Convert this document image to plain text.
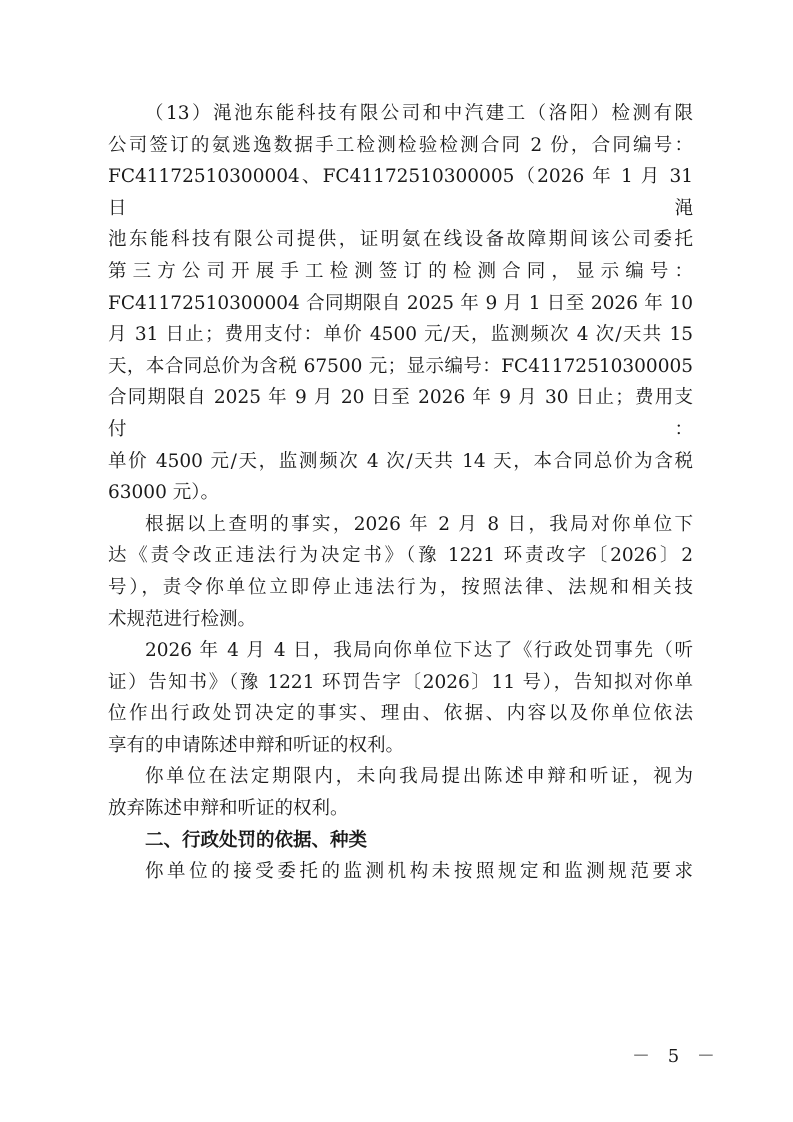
（13）渑池东能科技有限公司和中汽建工（洛阳）检测有限

公司签订的氨逃逸数据手工检测检验检测合同 2 份，合同编号：

FC41172510300004、FC41172510300005（2026 年 1 月 31 日渑

池东能科技有限公司提供，证明氨在线设备故障期间该公司委托

第三方公司开展手工检测签订的检测合同，显示编号：

FC41172510300004 合同期限自 2025 年 9 月 1 日至 2026 年 10

月 31 日止；费用支付：单价 4500 元/天，监测频次 4 次/天共 15

天，本合同总价为含税 67500 元；显示编号：FC41172510300005

合同期限自 2025 年 9 月 20 日至 2026 年 9 月 30 日止；费用支付：

单价 4500 元/天，监测频次 4 次/天共 14 天，本合同总价为含税

63000 元）。

根据以上查明的事实，2026 年 2 月 8 日，我局对你单位下

达《责令改正违法行为决定书》（豫 1221 环责改字〔2026〕2

号），责令你单位立即停止违法行为，按照法律、法规和相关技

术规范进行检测。

2026 年 4 月 4 日，我局向你单位下达了《行政处罚事先（听

证）告知书》（豫 1221 环罚告字〔2026〕11 号），告知拟对你单

位作出行政处罚决定的事实、理由、依据、内容以及你单位依法

享有的申请陈述申辩和听证的权利。

你单位在法定期限内，未向我局提出陈述申辩和听证，视为

放弃陈述申辩和听证的权利。

二、行政处罚的依据、种类

你单位的接受委托的监测机构未按照规定和监测规范要求

－ 5 －
